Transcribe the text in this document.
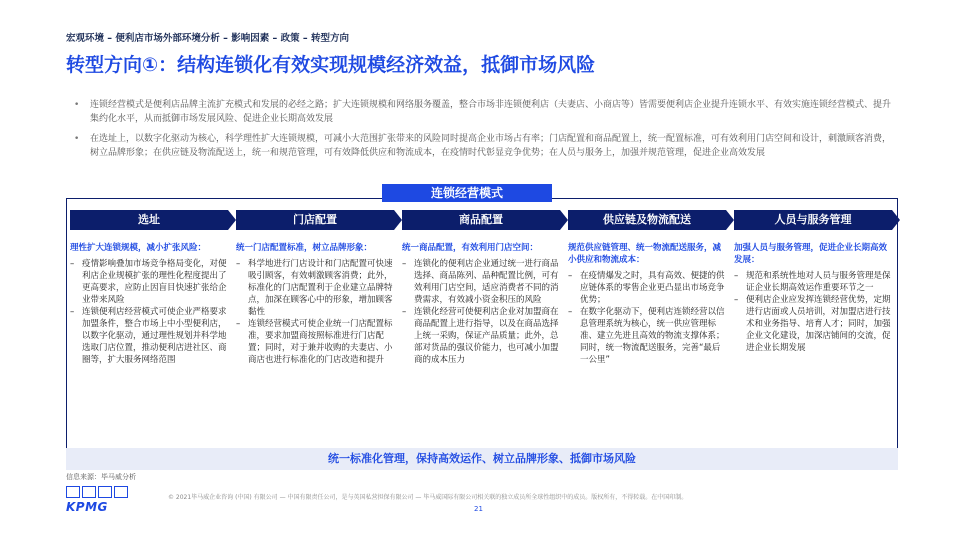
宏观环境 – 便利店市场外部环境分析 – 影响因素 – 政策 – 转型方向
转型方向①：结构连锁化有效实现规模经济效益，抵御市场风险
• 连锁经营模式是便利店品牌主流扩充模式和发展的必经之路；扩大连锁规模和网络服务覆盖，整合市场非连锁便利店（夫妻店、小商店等）皆需要便利店企业提升连锁水平、有效实施连锁经营模式、提升集约化水平，从而抵御市场发展风险、促进企业长期高效发展
• 在选址上，以数字化驱动为核心，科学理性扩大连锁规模，可减小大范围扩张带来的风险同时提高企业市场占有率；门店配置和商品配置上，统一配置标准，可有效利用门店空间和设计，刺激顾客消费，树立品牌形象；在供应链及物流配送上，统一和规范管理，可有效降低供应和物流成本，在疫情时代彰显竞争优势；在人员与服务上，加强并规范管理，促进企业高效发展
连锁经营模式
选址
理性扩大连锁规模，减小扩张风险：
– 疫情影响叠加市场竞争格局变化，对便利店企业规模扩张的理性化程度提出了更高要求，应防止因盲目快速扩张给企业带来风险
– 连锁便利店经营模式可使企业严格要求加盟条件，整合市场上中小型便利店，以数字化驱动，通过理性规划并科学地选取门店位置，推动便利店进社区、商圈等，扩大服务网络范围
门店配置
统一门店配置标准，树立品牌形象：
– 科学地进行门店设计和门店配置可快速吸引顾客，有效刺激顾客消费；此外，标准化的门店配置利于企业建立品牌特点，加深在顾客心中的形象，增加顾客黏性
– 连锁经营模式可使企业统一门店配置标准，要求加盟商按照标准进行门店配置；同时，对于兼并收购的夫妻店、小商店也进行标准化的门店改造和提升
商品配置
统一商品配置，有效利用门店空间：
– 连锁化的便利店企业通过统一进行商品选择、商品陈列、品种配置比例，可有效利用门店空间，适应消费者不同的消费需求，有效减小资金积压的风险
– 连锁化经营可使便利店企业对加盟商在商品配置上进行指导，以及在商品选择上统一采购，保证产品质量；此外，总部对货品的强议价能力，也可减小加盟商的成本压力
供应链及物流配送
规范供应链管理、统一物流配送服务，减小供应和物流成本：
– 在疫情爆发之时，具有高效、便捷的供应链体系的零售企业更凸显出市场竞争优势；
– 在数字化驱动下，便利店连锁经营以信息管理系统为核心，统一供应管理标准、建立先进且高效的物流支撑体系；同时，统一物流配送服务，完善“最后一公里”
人员与服务管理
加强人员与服务管理，促进企业长期高效发展：
– 规范和系统性地对人员与服务管理是保证企业长期高效运作重要环节之一
– 便利店企业应发挥连锁经营优势，定期进行店面或人员培训，对加盟店进行技术和业务指导、培育人才；同时，加强企业文化建设，加深店铺间的交流，促进企业长期发展
统一标准化管理，保持高效运作、树立品牌形象、抵御市场风险
信息来源：毕马威分析
KPMG
© 2021毕马威企业咨询 (中国) 有限公司 — 中国有限责任公司，是与英国私营担保有限公司 — 毕马威国际有限公司相关联的独立成员所全球性组织中的成员。版权所有，不得转载。在中国印制。
21
